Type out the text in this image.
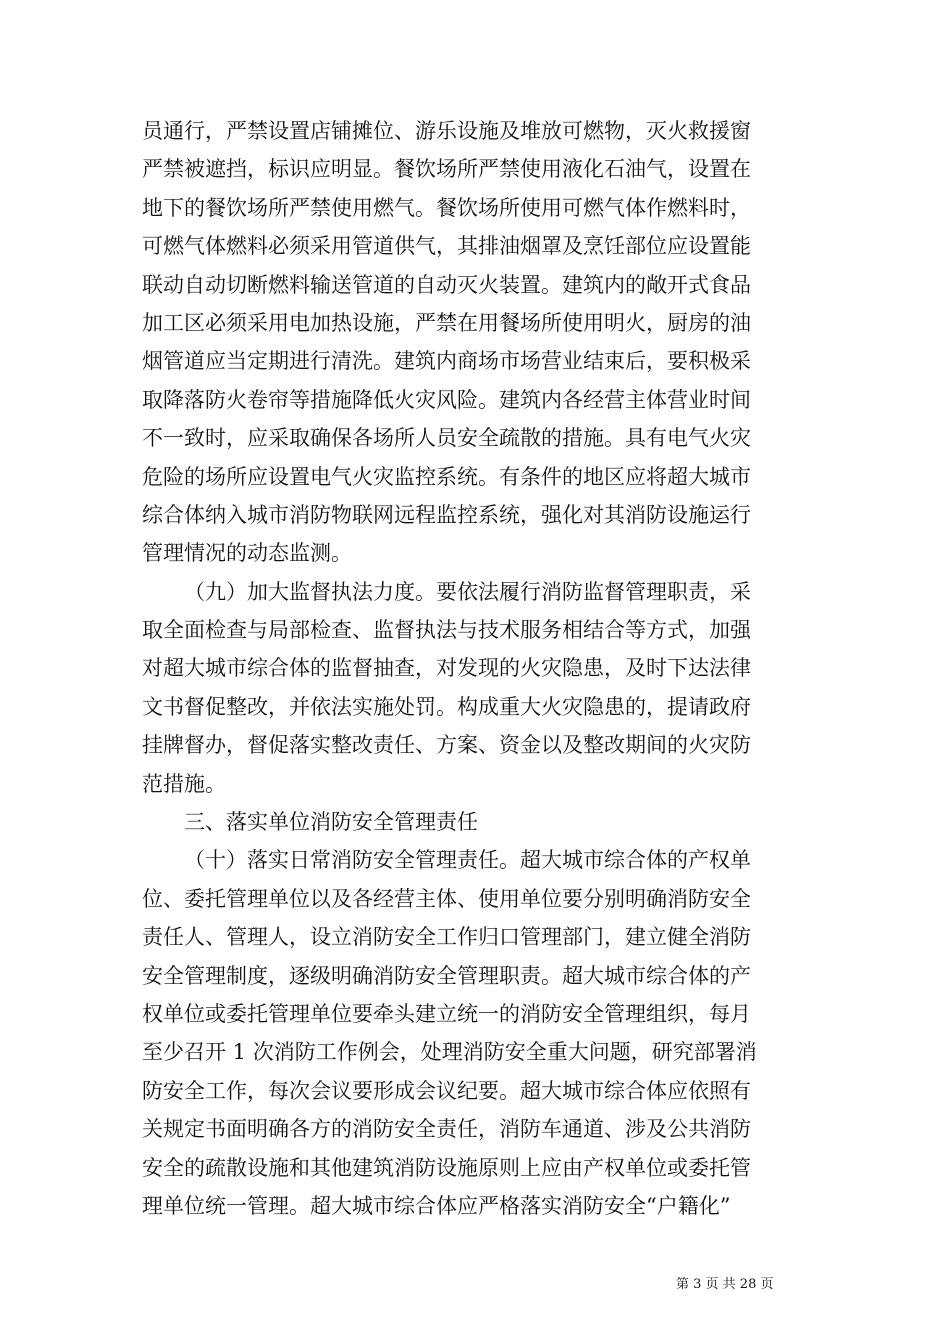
员通行，严禁设置店铺摊位、游乐设施及堆放可燃物，灭火救援窗
严禁被遮挡，标识应明显。餐饮场所严禁使用液化石油气，设置在
地下的餐饮场所严禁使用燃气。餐饮场所使用可燃气体作燃料时，
可燃气体燃料必须采用管道供气，其排油烟罩及烹饪部位应设置能
联动自动切断燃料输送管道的自动灭火装置。建筑内的敞开式食品
加工区必须采用电加热设施，严禁在用餐场所使用明火，厨房的油
烟管道应当定期进行清洗。建筑内商场市场营业结束后，要积极采
取降落防火卷帘等措施降低火灾风险。建筑内各经营主体营业时间
不一致时，应采取确保各场所人员安全疏散的措施。具有电气火灾
危险的场所应设置电气火灾监控系统。有条件的地区应将超大城市
综合体纳入城市消防物联网远程监控系统，强化对其消防设施运行
管理情况的动态监测。
（九）加大监督执法力度。要依法履行消防监督管理职责，采
取全面检查与局部检查、监督执法与技术服务相结合等方式，加强
对超大城市综合体的监督抽查，对发现的火灾隐患，及时下达法律
文书督促整改，并依法实施处罚。构成重大火灾隐患的，提请政府
挂牌督办，督促落实整改责任、方案、资金以及整改期间的火灾防
范措施。
三、落实单位消防安全管理责任
（十）落实日常消防安全管理责任。超大城市综合体的产权单
位、委托管理单位以及各经营主体、使用单位要分别明确消防安全
责任人、管理人，设立消防安全工作归口管理部门，建立健全消防
安全管理制度，逐级明确消防安全管理职责。超大城市综合体的产
权单位或委托管理单位要牵头建立统一的消防安全管理组织，每月
至少召开 1 次消防工作例会，处理消防安全重大问题，研究部署消
防安全工作，每次会议要形成会议纪要。超大城市综合体应依照有
关规定书面明确各方的消防安全责任，消防车通道、涉及公共消防
安全的疏散设施和其他建筑消防设施原则上应由产权单位或委托管
理单位统一管理。超大城市综合体应严格落实消防安全“户籍化”
第 3 页 共 28 页
